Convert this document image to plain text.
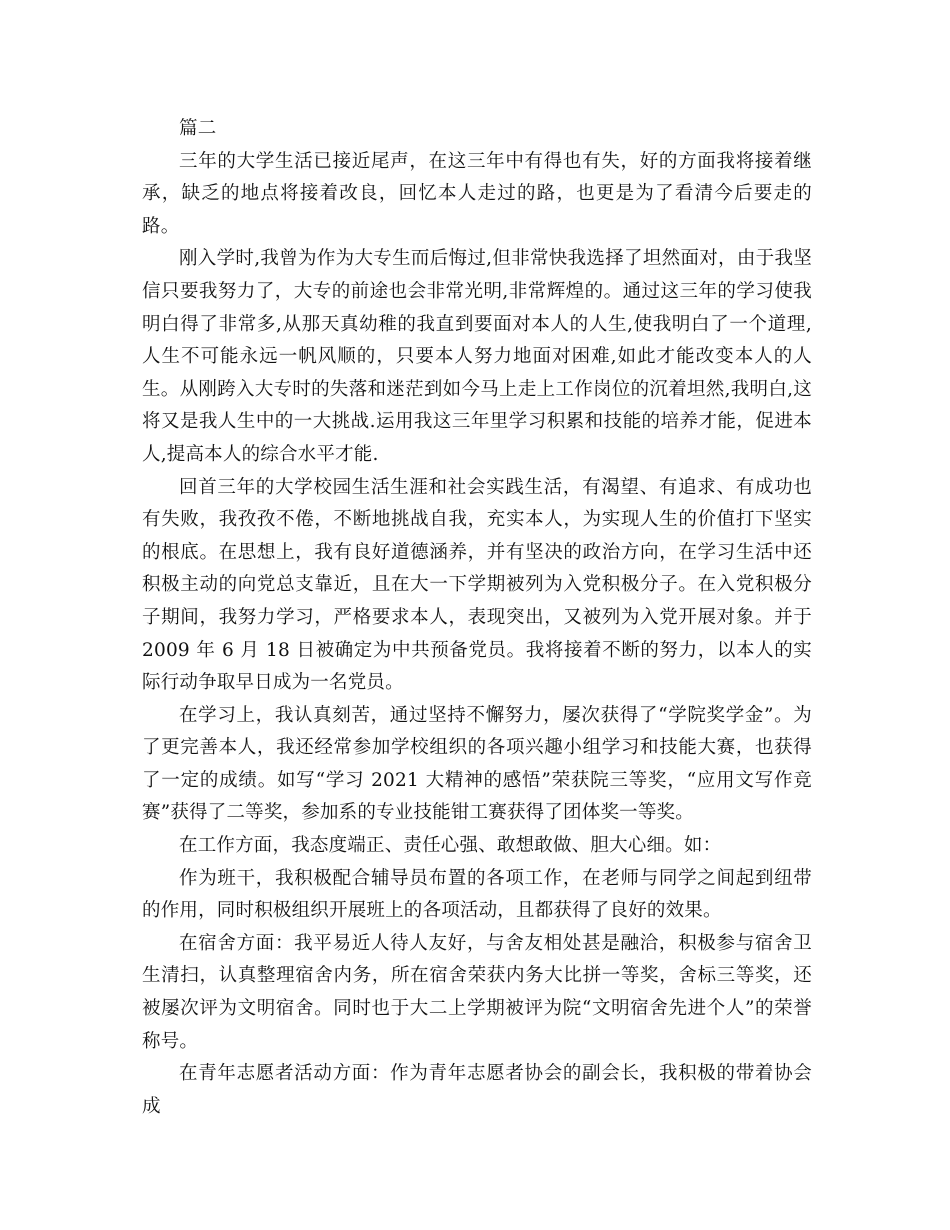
篇二

三年的大学生活已接近尾声，在这三年中有得也有失，好的方面我将接着继承，缺乏的地点将接着改良，回忆本人走过的路，也更是为了看清今后要走的路。

刚入学时,我曾为作为大专生而后悔过,但非常快我选择了坦然面对，由于我坚信只要我努力了，大专的前途也会非常光明,非常辉煌的。通过这三年的学习使我明白得了非常多,从那天真幼稚的我直到要面对本人的人生,使我明白了一个道理,人生不可能永远一帆风顺的，只要本人努力地面对困难,如此才能改变本人的人生。从刚跨入大专时的失落和迷茫到如今马上走上工作岗位的沉着坦然,我明白,这将又是我人生中的一大挑战.运用我这三年里学习积累和技能的培养才能，促进本人,提高本人的综合水平才能.

回首三年的大学校园生活生涯和社会实践生活，有渴望、有追求、有成功也有失败，我孜孜不倦，不断地挑战自我，充实本人，为实现人生的价值打下坚实的根底。在思想上，我有良好道德涵养，并有坚决的政治方向，在学习生活中还积极主动的向党总支靠近，且在大一下学期被列为入党积极分子。在入党积极分子期间，我努力学习，严格要求本人，表现突出，又被列为入党开展对象。并于 2009 年 6 月 18 日被确定为中共预备党员。我将接着不断的努力，以本人的实际行动争取早日成为一名党员。

在学习上，我认真刻苦，通过坚持不懈努力，屡次获得了“学院奖学金”。为了更完善本人，我还经常参加学校组织的各项兴趣小组学习和技能大赛，也获得了一定的成绩。如写“学习 2021 大精神的感悟”荣获院三等奖，“应用文写作竞赛”获得了二等奖，参加系的专业技能钳工赛获得了团体奖一等奖。

在工作方面，我态度端正、责任心强、敢想敢做、胆大心细。如：

作为班干，我积极配合辅导员布置的各项工作，在老师与同学之间起到纽带的作用，同时积极组织开展班上的各项活动，且都获得了良好的效果。

在宿舍方面：我平易近人待人友好，与舍友相处甚是融洽，积极参与宿舍卫生清扫，认真整理宿舍内务，所在宿舍荣获内务大比拼一等奖，舍标三等奖，还被屡次评为文明宿舍。同时也于大二上学期被评为院“文明宿舍先进个人”的荣誉称号。

在青年志愿者活动方面：作为青年志愿者协会的副会长，我积极的带着协会成
